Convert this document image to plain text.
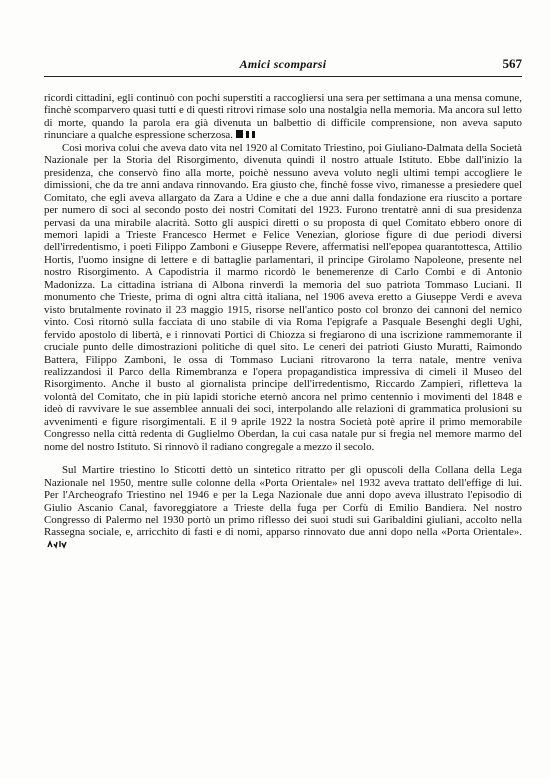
Amici scomparsi	567

ricordi cittadini, egli continuò con pochi superstiti a raccogliersi una sera per settimana a una mensa comune, finchè scomparvero quasi tutti e di questi ritrovi rimase solo una nostalgia nella memoria. Ma ancora sul letto di morte, quando la parola era già divenuta un balbettio di difficile comprensione, non aveva saputo rinunciare a qualche espressione scherzosa.

Così moriva colui che aveva dato vita nel 1920 al Comitato Triestino, poi Giuliano-Dalmata della Società Nazionale per la Storia del Risorgimento, divenuta quindi il nostro attuale Istituto. Ebbe dall'inizio la presidenza, che conservò fino alla morte, poichè nessuno aveva voluto negli ultimi tempi accogliere le dimissioni, che da tre anni andava rinnovando. Era giusto che, finchè fosse vivo, rimanesse a presiedere quel Comitato, che egli aveva allargato da Zara a Udine e che a due anni dalla fondazione era riuscito a portare per numero di soci al secondo posto dei nostri Comitati del 1923. Furono trentatrè anni di sua presidenza pervasi da una mirabile alacrità. Sotto gli auspici diretti o su proposta di quel Comitato ebbero onore di memori lapidi a Trieste Francesco Hermet e Felice Venezian, gloriose figure di due periodi diversi dell'irredentismo, i poeti Filippo Zamboni e Giuseppe Revere, affermatisi nell'epopea quarantottesca, Attilio Hortis, l'uomo insigne di lettere e di battaglie parlamentari, il principe Girolamo Napoleone, presente nel nostro Risorgimento. A Capodistria il marmo ricordò le benemerenze di Carlo Combi e di Antonio Madonizza. La cittadina istriana di Albona rinverdì la memoria del suo patriota Tommaso Luciani. Il monumento che Trieste, prima di ogni altra città italiana, nel 1906 aveva eretto a Giuseppe Verdi e aveva visto brutalmente rovinato il 23 maggio 1915, risorse nell'antico posto col bronzo dei cannoni del nemico vinto. Così ritornò sulla facciata di uno stabile di via Roma l'epigrafe a Pasquale Besenghi degli Ughi, fervido apostolo di libertà, e i rinnovati Portici di Chiozza si fregiarono di una iscrizione rammemorante il cruciale punto delle dimostrazioni politiche di quel sito. Le ceneri dei patrioti Giusto Muratti, Raimondo Battera, Filippo Zamboni, le ossa di Tommaso Luciani ritrovarono la terra natale, mentre veniva realizzandosi il Parco della Rimembranza e l'opera propagandistica impressiva di cimeli il Museo del Risorgimento. Anche il busto al giornalista principe dell'irredentismo, Riccardo Zampieri, rifletteva la volontà del Comitato, che in più lapidi storiche eternò ancora nel primo centennio i movimenti del 1848 e ideò di ravvivare le sue assemblee annuali dei soci, interpolando alle relazioni di grammatica prolusioni su avvenimenti e figure risorgimentali. E il 9 aprile 1922 la nostra Società potè aprire il primo memorabile Congresso nella città redenta di Guglielmo Oberdan, la cui casa natale pur si fregia nel memore marmo del nome del nostro Istituto. Si rinnovò il radiano congregale a mezzo il secolo.

Sul Martire triestino lo Sticotti dettò un sintetico ritratto per gli opuscoli della Collana della Lega Nazionale nel 1950, mentre sulle colonne della «Porta Orientale» nel 1932 aveva trattato dell'effige di lui. Per l'Archeografo Triestino nel 1946 e per la Lega Nazionale due anni dopo aveva illustrato l'episodio di Giulio Ascanio Canal, favoreggiatore a Trieste della fuga per Corfù di Emilio Bandiera. Nel nostro Congresso di Palermo nel 1930 portò un primo riflesso dei suoi studi sui Garibaldini giuliani, accolto nella Rassegna sociale, e, arricchito di fasti e di nomi, apparso rinnovato due anni dopo nella «Porta Orientale».
